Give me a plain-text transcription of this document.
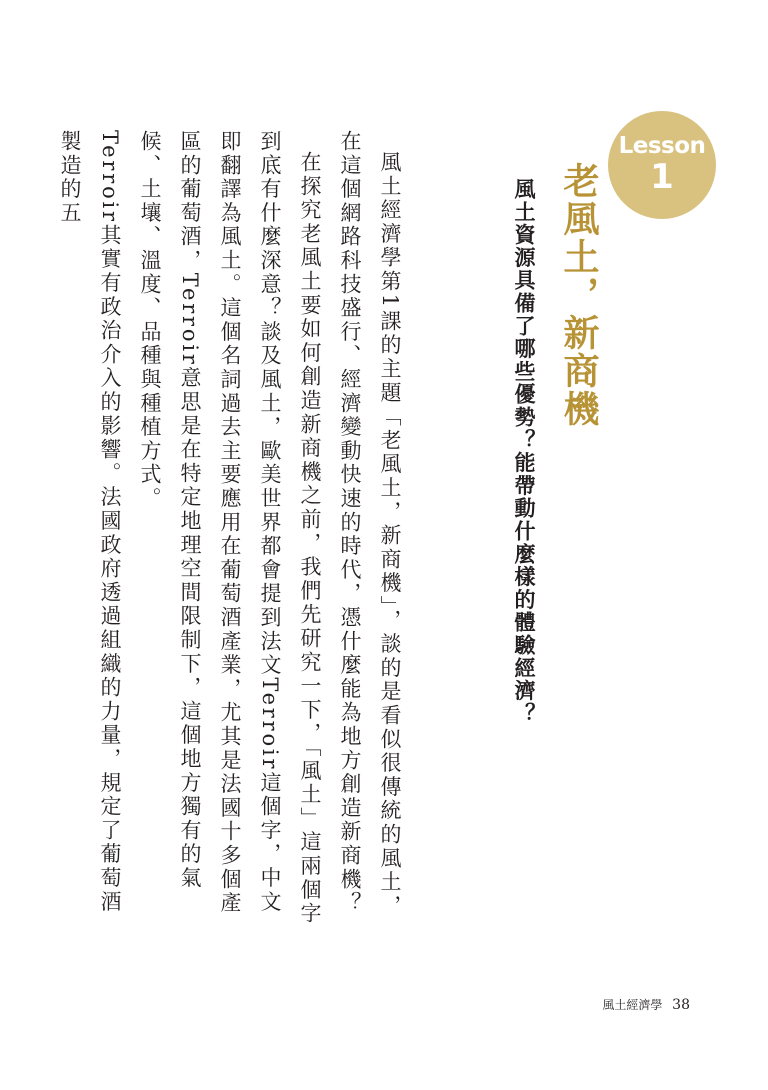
Lesson
1
老風土，新商機
風土資源具備了哪些優勢？能帶動什麼樣的體驗經濟？

風土經濟學第1課的主題「老風土，新商機」，談的是看似很傳統的風土，在這個網路科技盛行、經濟變動快速的時代，憑什麼能為地方創造新商機？

在探究老風土要如何創造新商機之前，我們先研究一下，「風土」這兩個字到底有什麼深意？談及風土，歐美世界都會提到法文Terroir這個字，中文即翻譯為風土。這個名詞過去主要應用在葡萄酒產業，尤其是法國十多個產區的葡萄酒，Terroir意思是在特定地理空間限制下，這個地方獨有的氣候、土壤、溫度、品種與種植方式。

Terroir其實有政治介入的影響。法國政府透過組織的力量，規定了葡萄酒製造的五

風土經濟學 38
